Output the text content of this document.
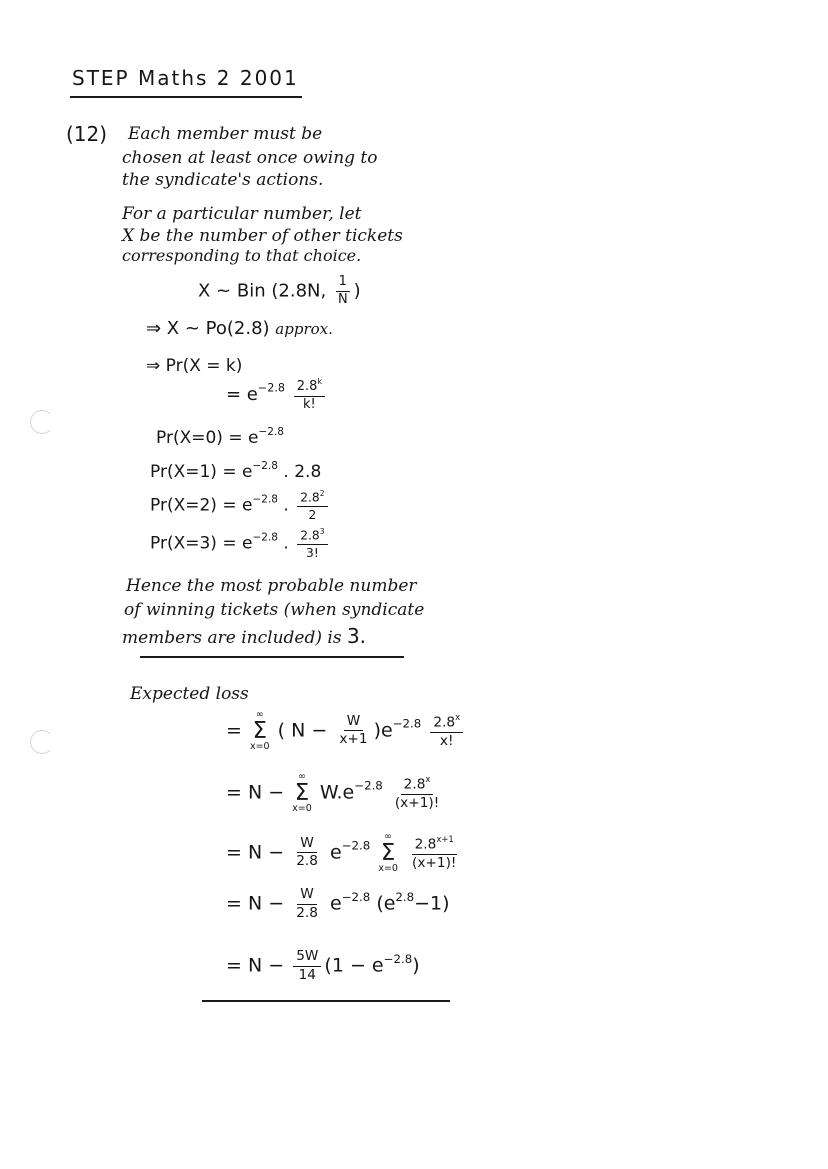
STEP Maths 2 2001
(12) Each member must be
chosen at least once owing to
the syndicate's actions.
For a particular number, let
X be the number of other tickets
corresponding to that choice.
X ~ Bin (2.8N, $\frac{1}{N}$ )
⇒ X ~ Po(2.8) approx.
⇒ Pr(X = k)
= $e^{-2.8} \frac{2.8^k}{k!}$
$Pr(X=0) = e^{-2.8}$
$Pr(X=1) = e^{-2.8}$ . 2.8
$Pr(X=2) = e^{-2.8}$ . $\frac{2.8^2}{2}$
$Pr(X=3) = e^{-2.8}$ . $\frac{2.8^3}{3!}$
Hence the most probable number
of winning tickets (when syndicate
members are included) is 3.
Expected loss
=
∞
Σ
x=0
( $N - \frac{W}{x+1} )e^{-2.8} \frac{2.8^x}{x!}$
= N −
∞
Σ
x=0
$W.e^{-2.8} \frac{2.8^x}{(x+1)!}$
= $N - \frac{W}{2.8} e^{-2.8}$
∞
Σ
x=0
$\frac{2.8^{x+1}}{(x+1)!}$
= $N - \frac{W}{2.8} e^{-2.8}$ $(e^{2.8}-1)$
= $N - \frac{5W}{14} (1 - e^{-2.8})$
